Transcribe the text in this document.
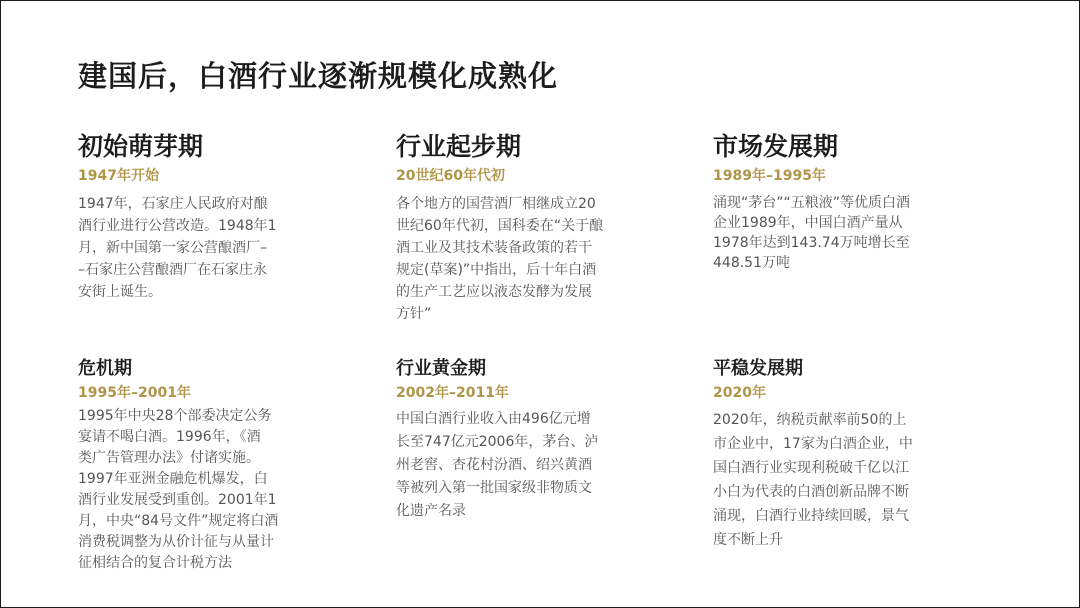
建国后，白酒行业逐渐规模化成熟化
初始萌芽期
1947年开始
1947年，石家庄人民政府对酿
酒行业进行公营改造。1948年1
月，新中国第一家公营酿酒厂–
–石家庄公营酿酒厂在石家庄永
安街上诞生。
行业起步期
20世纪60年代初
各个地方的国营酒厂相继成立20
世纪60年代初，国科委在“关于酿
酒工业及其技术装备政策的若干
规定(草案)”中指出，后十年白酒
的生产工艺应以液态发酵为发展
方针”
市场发展期
1989年–1995年
涌现“茅台”“五粮液”等优质白酒
企业1989年，中国白酒产量从
1978年达到143.74万吨增长至
448.51万吨
危机期
1995年–2001年
1995年中央28个部委决定公务
宴请不喝白酒。1996年，《酒
类广告管理办法》付诸实施。
1997年亚洲金融危机爆发，白
酒行业发展受到重创。2001年1
月，中央“84号文件”规定将白酒
消费税调整为从价计征与从量计
征相结合的复合计税方法
行业黄金期
2002年–2011年
中国白酒行业收入由496亿元增
长至747亿元2006年，茅台、泸
州老窖、杏花村汾酒、绍兴黄酒
等被列入第一批国家级非物质文
化遗产名录
平稳发展期
2020年
2020年，纳税贡献率前50的上
市企业中，17家为白酒企业，中
国白酒行业实现利税破千亿以江
小白为代表的白酒创新品牌不断
涌现，白酒行业持续回暖，景气
度不断上升
